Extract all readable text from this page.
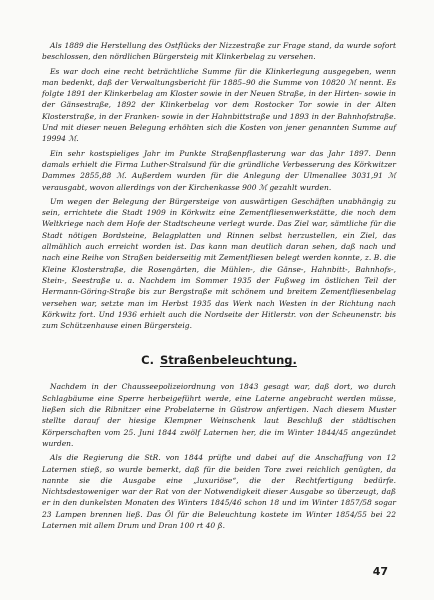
Als 1889 die Herstellung des Ostflücks der Nizzestraße zur Frage stand, da wurde sofort beschlossen, den nördlichen Bürgersteig mit Klinkerbelag zu versehen.

Es war doch eine recht beträchtliche Summe für die Klinkerlegung ausgegeben, wenn man bedenkt, daß der Verwaltungsbericht für 1885–90 die Summe von 10820 ℳ nennt. Es folgte 1891 der Klinkerbelag am Kloster sowie in der Neuen Straße, in der Hirten- sowie in der Gänsestraße, 1892 der Klinkerbelag vor dem Rostocker Tor sowie in der Alten Klosterstraße, in der Franken- sowie in der Hahnbittstraße und 1893 in der Bahnhofstraße. Und mit dieser neuen Belegung erhöhten sich die Kosten von jener genannten Summe auf 19994 ℳ.

Ein sehr kostspieliges Jahr im Punkte Straßenpflasterung war das Jahr 1897. Denn damals erhielt die Firma Luther-Stralsund für die gründliche Verbesserung des Körkwitzer Dammes 2855,88 ℳ. Außerdem wurden für die Anlegung der Ulmenallee 3031,91 ℳ verausgabt, wovon allerdings von der Kirchenkasse 900 ℳ gezahlt wurden.

Um wegen der Belegung der Bürgersteige von auswärtigen Geschäften unabhängig zu sein, errichtete die Stadt 1909 in Körkwitz eine Zementfliesenwerkstätte, die noch dem Weltkriege nach dem Hofe der Stadtscheune verlegt wurde. Das Ziel war, sämtliche für die Stadt nötigen Bordsteine, Belagplatten und Rinnen selbst herzustellen, ein Ziel, das allmählich auch erreicht worden ist. Das kann man deutlich daran sehen, daß nach und nach eine Reihe von Straßen beiderseitig mit Zementfliesen belegt werden konnte, z. B. die Kleine Klosterstraße, die Rosengärten, die Mühlen-, die Gänse-, Hahnbitt-, Bahnhofs-, Stein-, Seestraße u. a. Nachdem im Sommer 1935 der Fußweg im östlichen Teil der Hermann-Göring-Straße bis zur Bergstraße mit schönem und breitem Zementfliesenbelag versehen war, setzte man im Herbst 1935 das Werk nach Westen in der Richtung nach Körkwitz fort. Und 1936 erhielt auch die Nordseite der Hitlerstr. von der Scheunenstr. bis zum Schützenhause einen Bürgersteig.

C. Straßenbeleuchtung.

Nachdem in der Chausseepolizeiordnung von 1843 gesagt war, daß dort, wo durch Schlagbäume eine Sperre herbeigeführt werde, eine Laterne angebracht werden müsse, ließen sich die Ribnitzer eine Probelaterne in Güstrow anfertigen. Nach diesem Muster stellte darauf der hiesige Klempner Weinschenk laut Beschluß der städtischen Körperschaften vom 25. Juni 1844 zwölf Laternen her, die im Winter 1844/45 angezündet wurden.

Als die Regierung die StR. von 1844 prüfte und dabei auf die Anschaffung von 12 Laternen stieß, so wurde bemerkt, daß für die beiden Tore zwei reichlich genügten, da nannte sie die Ausgabe eine „luxuriöse“, die der Rechtfertigung bedürfe. Nichtsdestoweniger war der Rat von der Notwendigkeit dieser Ausgabe so überzeugt, daß er in den dunkelsten Monaten des Winters 1845/46 schon 18 und im Winter 1857/58 sogar 23 Lampen brennen ließ. Das Öl für die Beleuchtung kostete im Winter 1854/55 bei 22 Laternen mit allem Drum und Dran 100 rt 40 ß.

47
